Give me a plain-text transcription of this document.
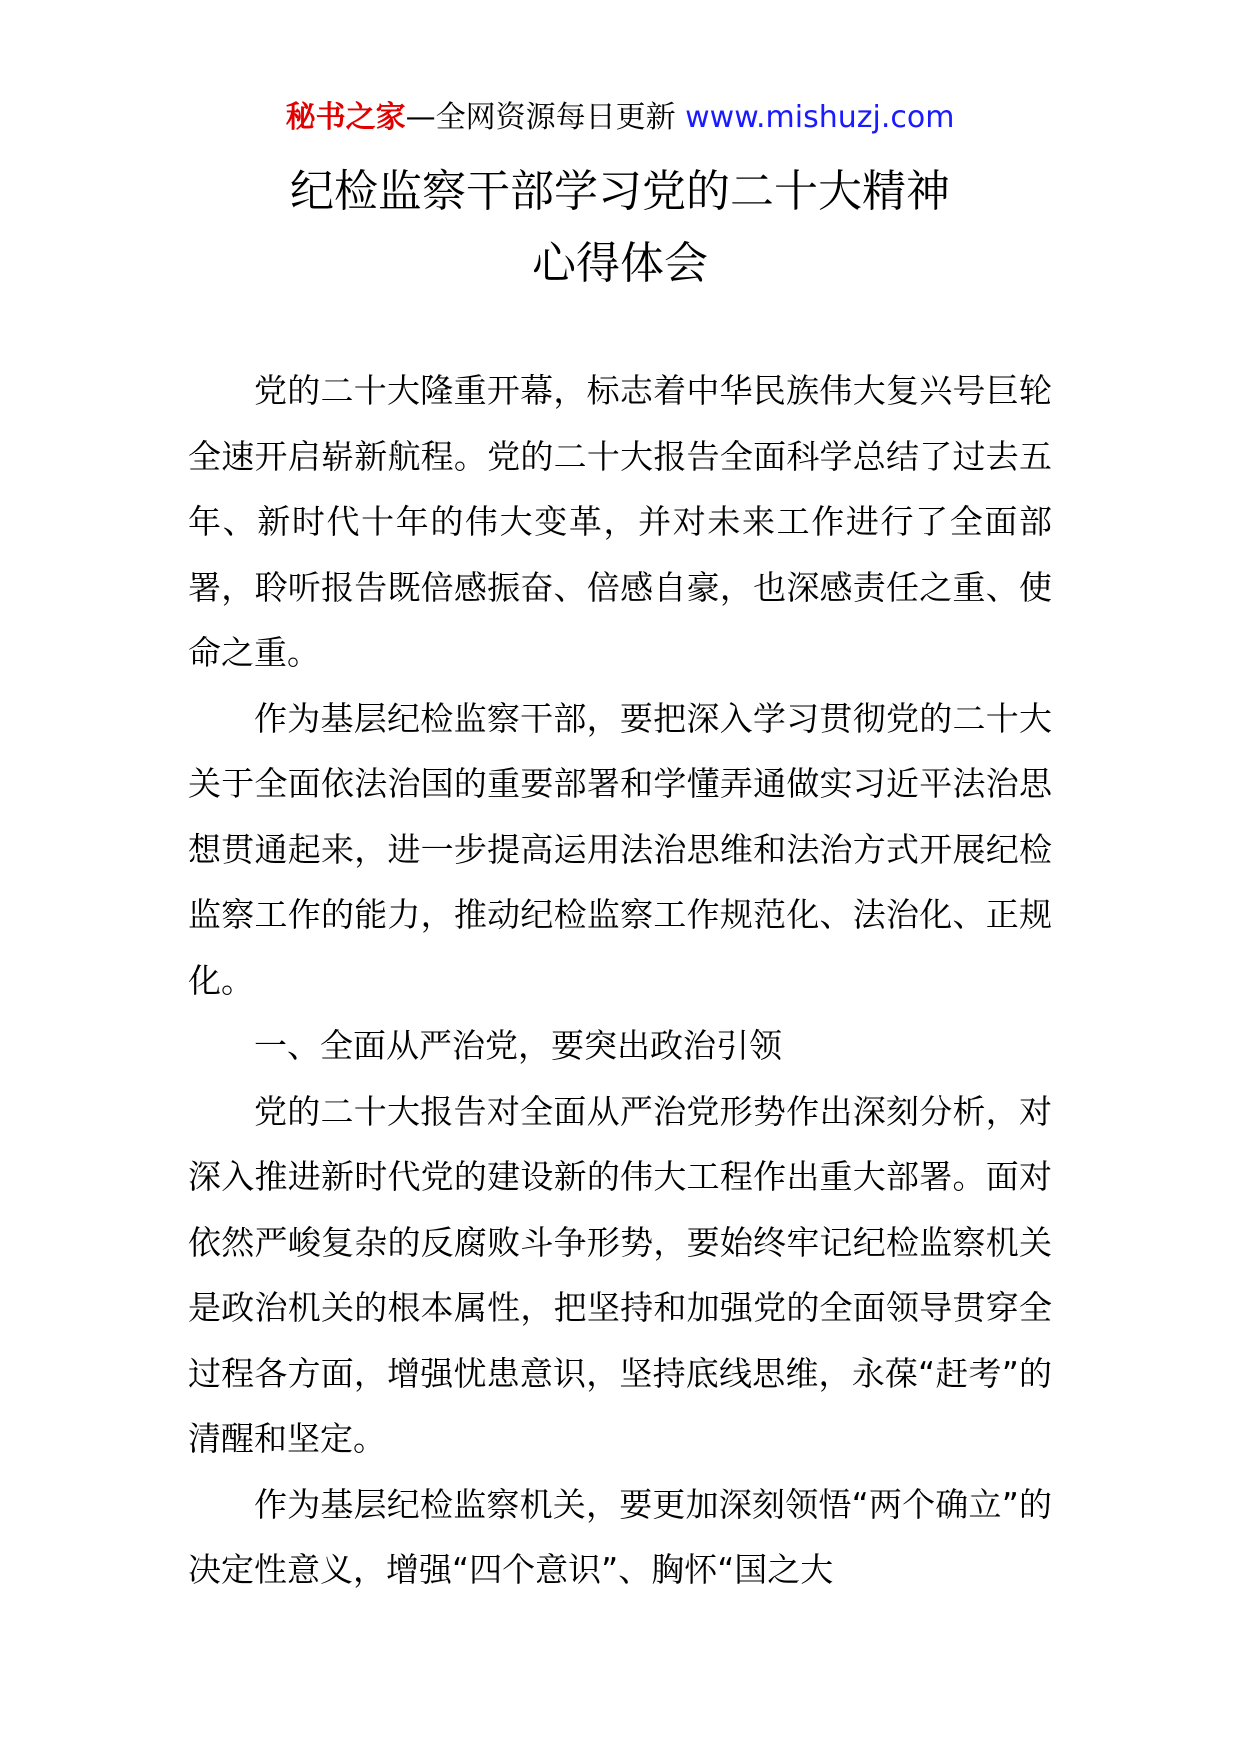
秘书之家—全网资源每日更新 www.mishuzj.com
纪检监察干部学习党的二十大精神
心得体会

党的二十大隆重开幕，标志着中华民族伟大复兴号巨轮全速开启崭新航程。党的二十大报告全面科学总结了过去五年、新时代十年的伟大变革，并对未来工作进行了全面部署，聆听报告既倍感振奋、倍感自豪，也深感责任之重、使命之重。

作为基层纪检监察干部，要把深入学习贯彻党的二十大关于全面依法治国的重要部署和学懂弄通做实习近平法治思想贯通起来，进一步提高运用法治思维和法治方式开展纪检监察工作的能力，推动纪检监察工作规范化、法治化、正规化。

一、全面从严治党，要突出政治引领

党的二十大报告对全面从严治党形势作出深刻分析，对深入推进新时代党的建设新的伟大工程作出重大部署。面对依然严峻复杂的反腐败斗争形势，要始终牢记纪检监察机关是政治机关的根本属性，把坚持和加强党的全面领导贯穿全过程各方面，增强忧患意识，坚持底线思维，永葆“赶考”的清醒和坚定。

作为基层纪检监察机关，要更加深刻领悟“两个确立”的决定性意义，增强“四个意识”、胸怀“国之大
